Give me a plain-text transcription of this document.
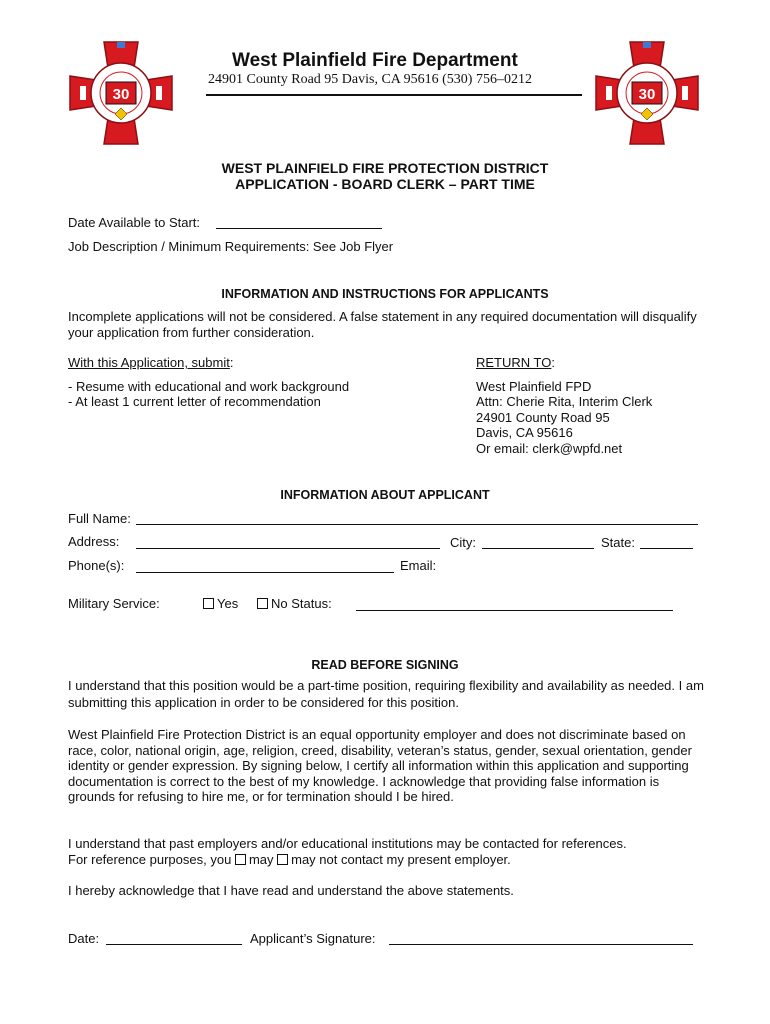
30	30
West Plainfield Fire Department
24901 County Road 95 Davis, CA 95616 (530) 756–0212
WEST PLAINFIELD FIRE PROTECTION DISTRICT
APPLICATION - BOARD CLERK – PART TIME
Date Available to Start:
Job Description / Minimum Requirements: See Job Flyer
INFORMATION AND INSTRUCTIONS FOR APPLICANTS
Incomplete applications will not be considered. A false statement in any required documentation will disqualify your application from further consideration.
With this Application, submit:
- Resume with educational and work background
- At least 1 current letter of recommendation
RETURN TO:
West Plainfield FPD
Attn: Cherie Rita, Interim Clerk
24901 County Road 95
Davis, CA 95616
Or email: clerk@wpfd.net
INFORMATION ABOUT APPLICANT
Full Name:
Address:	City:	State:
Phone(s):	Email:
Military Service:	Yes	No Status:
READ BEFORE SIGNING
I understand that this position would be a part-time position, requiring flexibility and availability as needed. I am submitting this application in order to be considered for this position.
West Plainfield Fire Protection District is an equal opportunity employer and does not discriminate based on race, color, national origin, age, religion, creed, disability, veteran’s status, gender, sexual orientation, gender identity or gender expression. By signing below, I certify all information within this application and supporting documentation is correct to the best of my knowledge. I acknowledge that providing false information is grounds for refusing to hire me, or for termination should I be hired.
I understand that past employers and/or educational institutions may be contacted for references.
For reference purposes, you may may not contact my present employer.
I hereby acknowledge that I have read and understand the above statements.
Date:	Applicant’s Signature:
